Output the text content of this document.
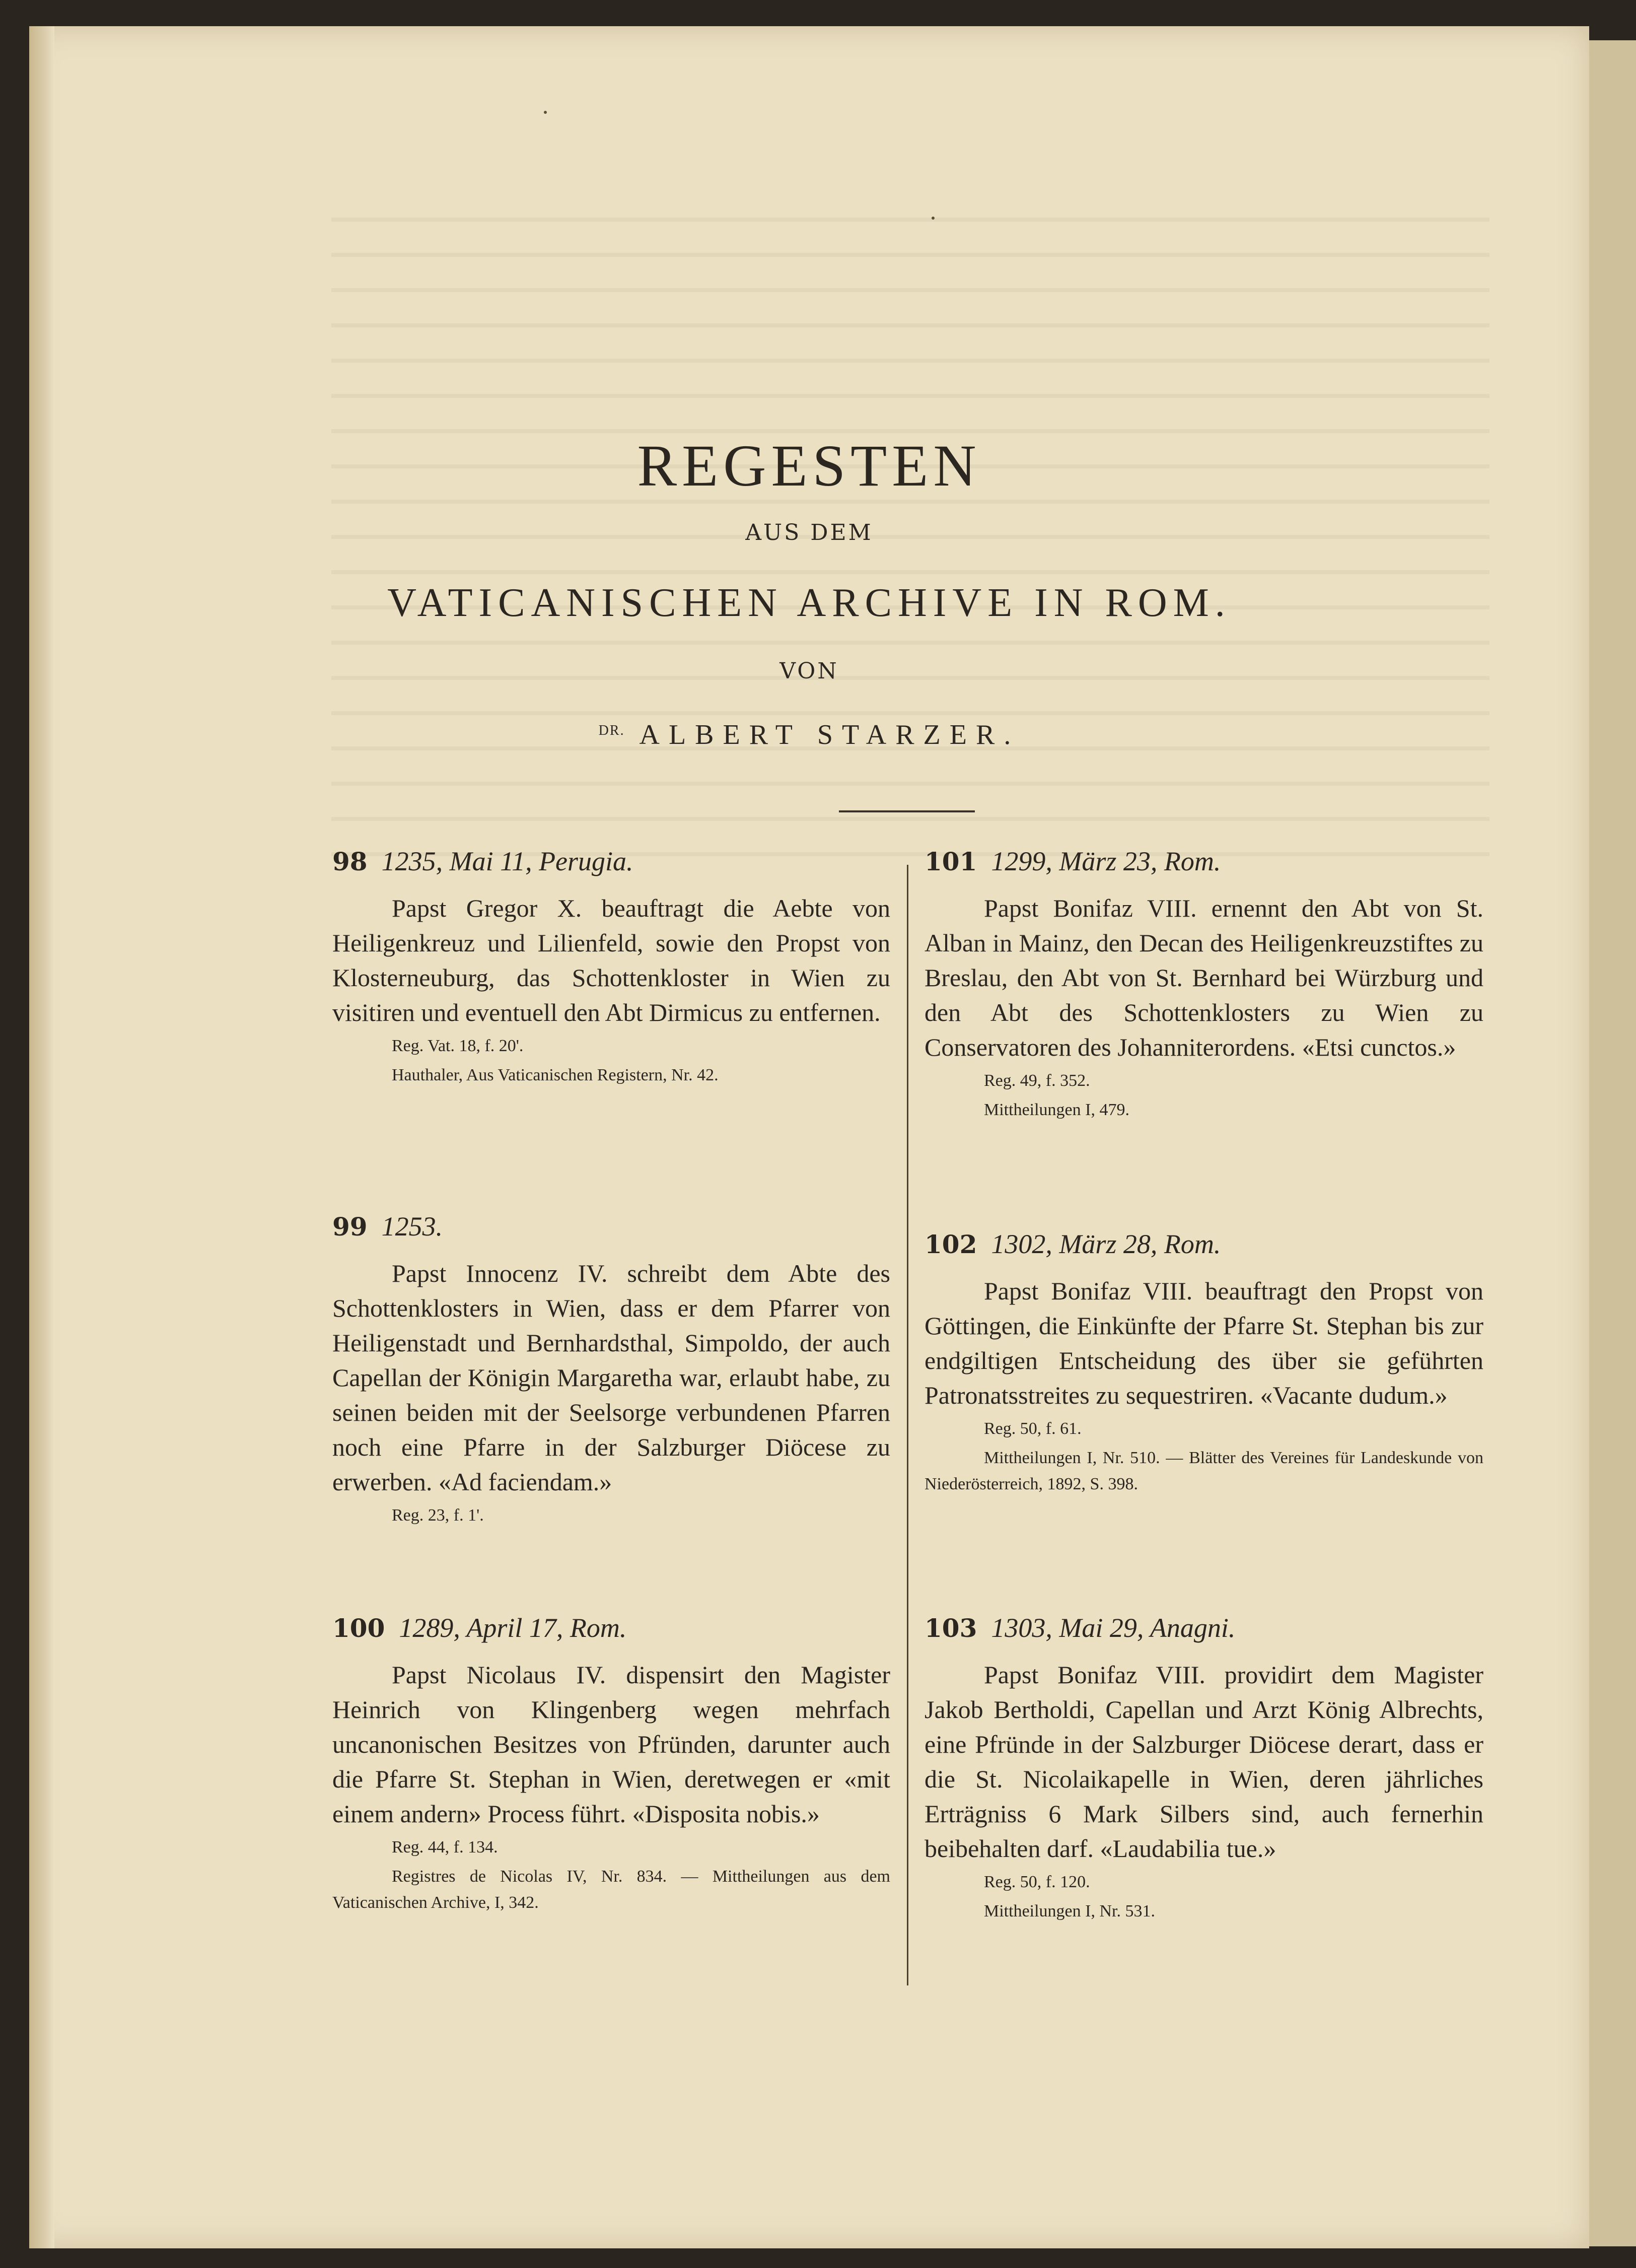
REGESTEN
AUS DEM
VATICANISCHEN ARCHIVE IN ROM.
VON
$^{DR.}$ ALBERT STARZER.
98 1235, Mai 11, Perugia.
Papst Gregor X. beauftragt die Aebte von Heiligenkreuz und Lilienfeld, sowie den Propst von Klosterneuburg, das Schottenkloster in Wien zu visitiren und eventuell den Abt Dirmicus zu entfernen.
Reg. Vat. 18, f. 20'.
Hauthaler, Aus Vaticanischen Registern, Nr. 42.
99 1253.
Papst Innocenz IV. schreibt dem Abte des Schottenklosters in Wien, dass er dem Pfarrer von Heiligenstadt und Bernhardsthal, Simpoldo, der auch Capellan der Königin Margaretha war, erlaubt habe, zu seinen beiden mit der Seelsorge verbundenen Pfarren noch eine Pfarre in der Salzburger Diöcese zu erwerben. «Ad faciendam.»
Reg. 23, f. 1'.
100 1289, April 17, Rom.
Papst Nicolaus IV. dispensirt den Magister Heinrich von Klingenberg wegen mehrfach uncanonischen Besitzes von Pfründen, darunter auch die Pfarre St. Stephan in Wien, deretwegen er «mit einem andern» Process führt. «Disposita nobis.»
Reg. 44, f. 134.
Registres de Nicolas IV, Nr. 834. — Mittheilungen aus dem Vaticanischen Archive, I, 342.
101 1299, März 23, Rom.
Papst Bonifaz VIII. ernennt den Abt von St. Alban in Mainz, den Decan des Heiligenkreuzstiftes zu Breslau, den Abt von St. Bernhard bei Würzburg und den Abt des Schottenklosters zu Wien zu Conservatoren des Johanniterordens. «Etsi cunctos.»
Reg. 49, f. 352.
Mittheilungen I, 479.
102 1302, März 28, Rom.
Papst Bonifaz VIII. beauftragt den Propst von Göttingen, die Einkünfte der Pfarre St. Stephan bis zur endgiltigen Entscheidung des über sie geführten Patronatsstreites zu sequestriren. «Vacante dudum.»
Reg. 50, f. 61.
Mittheilungen I, Nr. 510. — Blätter des Vereines für Landeskunde von Niederösterreich, 1892, S. 398.
103 1303, Mai 29, Anagni.
Papst Bonifaz VIII. providirt dem Magister Jakob Bertholdi, Capellan und Arzt König Albrechts, eine Pfründe in der Salzburger Diöcese derart, dass er die St. Nicolaikapelle in Wien, deren jährliches Erträgniss 6 Mark Silbers sind, auch fernerhin beibehalten darf. «Laudabilia tue.»
Reg. 50, f. 120.
Mittheilungen I, Nr. 531.
